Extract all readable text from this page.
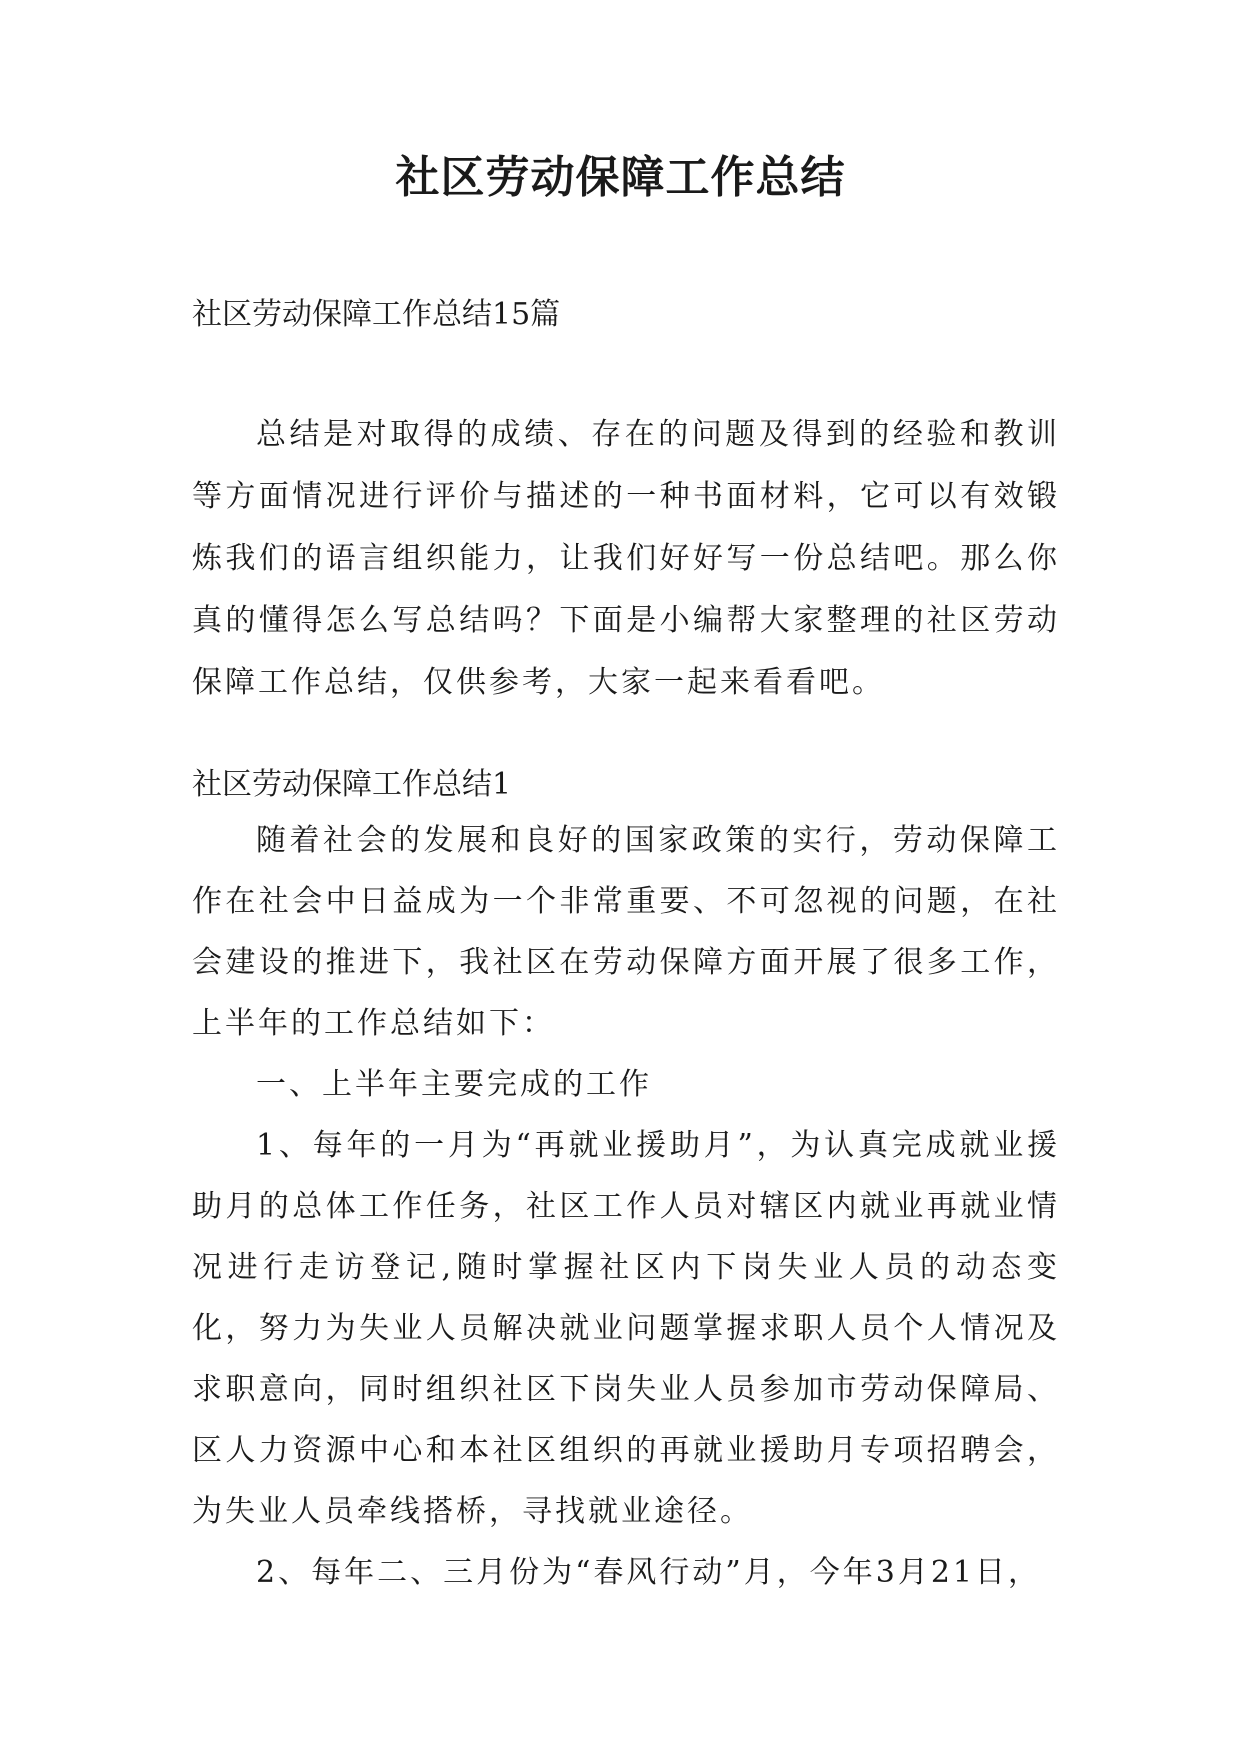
社区劳动保障工作总结

社区劳动保障工作总结15篇

总结是对取得的成绩、存在的问题及得到的经验和教训等方面情况进行评价与描述的一种书面材料，它可以有效锻炼我们的语言组织能力，让我们好好写一份总结吧。那么你真的懂得怎么写总结吗？下面是小编帮大家整理的社区劳动保障工作总结，仅供参考，大家一起来看看吧。

社区劳动保障工作总结1

随着社会的发展和良好的国家政策的实行，劳动保障工作在社会中日益成为一个非常重要、不可忽视的问题，在社会建设的推进下，我社区在劳动保障方面开展了很多工作，上半年的工作总结如下：

一、上半年主要完成的工作

1、每年的一月为“再就业援助月”，为认真完成就业援助月的总体工作任务，社区工作人员对辖区内就业再就业情况进行走访登记,随时掌握社区内下岗失业人员的动态变化，努力为失业人员解决就业问题掌握求职人员个人情况及求职意向，同时组织社区下岗失业人员参加市劳动保障局、区人力资源中心和本社区组织的再就业援助月专项招聘会，为失业人员牵线搭桥，寻找就业途径。

2、每年二、三月份为“春风行动”月，今年3月21日，
